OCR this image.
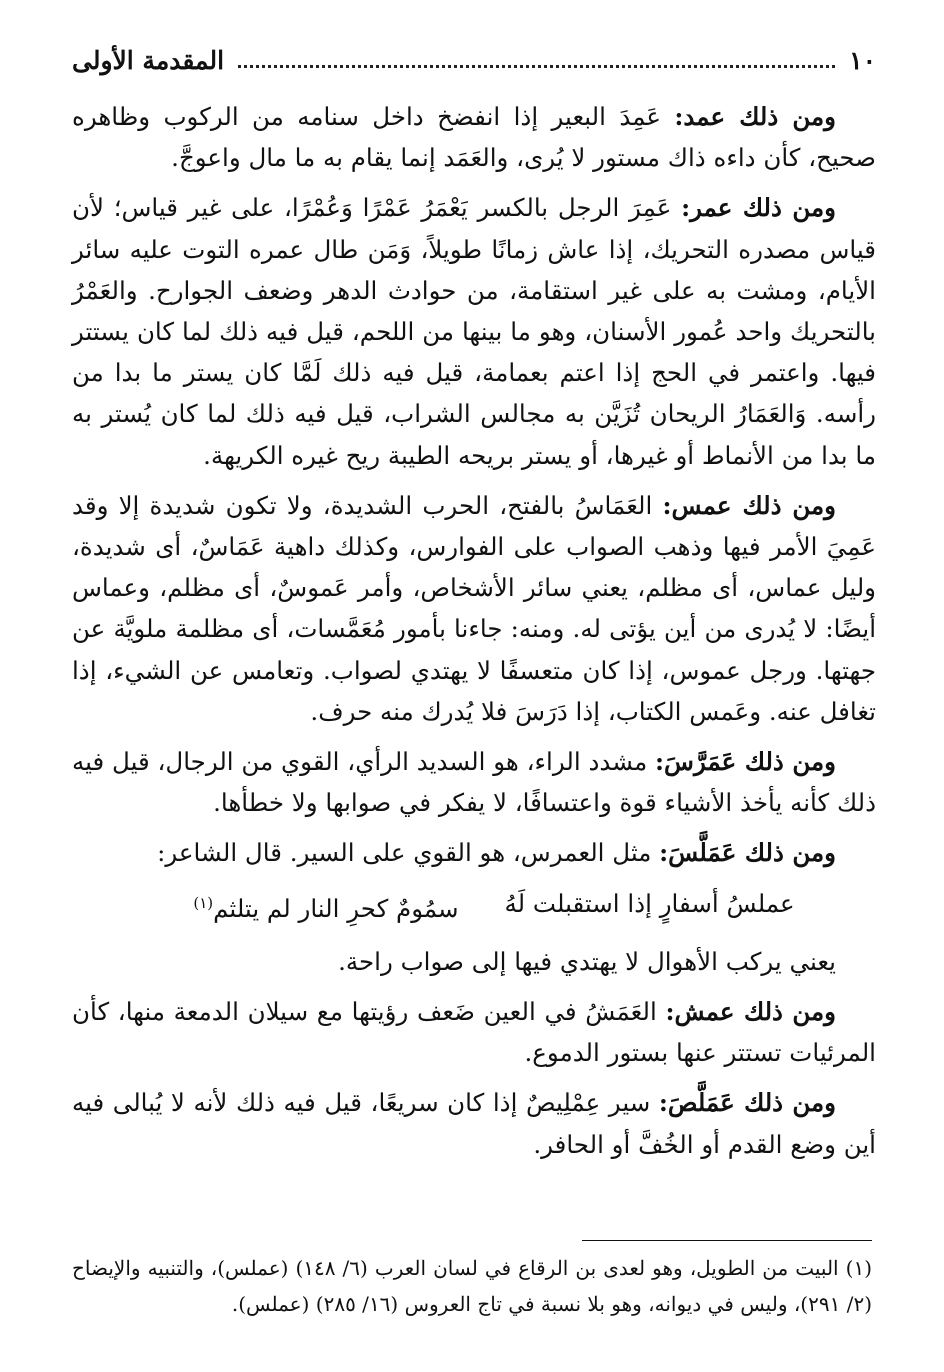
١٠
المقدمة الأولى

ومن ذلك عمد: عَمِدَ البعير إذا انفضخ داخل سنامه من الركوب وظاهره صحيح، كأن داءه ذاك مستور لا يُرى، والعَمَد إنما يقام به ما مال واعوجَّ.

ومن ذلك عمر: عَمِرَ الرجل بالكسر يَعْمَرُ عَمْرًا وَعُمْرًا، على غير قياس؛ لأن قياس مصدره التحريك، إذا عاش زمانًا طويلاً، وَمَن طال عمره التوت عليه سائر الأيام، ومشت به على غير استقامة، من حوادث الدهر وضعف الجوارح. والعَمْرُ بالتحريك واحد عُمور الأسنان، وهو ما بينها من اللحم، قيل فيه ذلك لما كان يستتر فيها. واعتمر في الحج إذا اعتم بعمامة، قيل فيه ذلك لَمَّا كان يستر ما بدا من رأسه. وَالعَمَارُ الريحان تُزَيَّن به مجالس الشراب، قيل فيه ذلك لما كان يُستر به ما بدا من الأنماط أو غيرها، أو يستر بريحه الطيبة ريح غيره الكريهة.

ومن ذلك عمس: العَمَاسُ بالفتح، الحرب الشديدة، ولا تكون شديدة إلا وقد عَمِيَ الأمر فيها وذهب الصواب على الفوارس، وكذلك داهية عَمَاسٌ، أى شديدة، وليل عماس، أى مظلم، يعني سائر الأشخاص، وأمر عَموسٌ، أى مظلم، وعماس أيضًا: لا يُدرى من أين يؤتى له. ومنه: جاءنا بأمور مُعَمَّسات، أى مظلمة ملويَّة عن جهتها. ورجل عموس، إذا كان متعسفًا لا يهتدي لصواب. وتعامس عن الشيء، إذا تغافل عنه. وعَمس الكتاب، إذا دَرَسَ فلا يُدرك منه حرف.

ومن ذلك عَمَرَّسَ: مشدد الراء، هو السديد الرأي، القوي من الرجال، قيل فيه ذلك كأنه يأخذ الأشياء قوة واعتسافًا، لا يفكر في صوابها ولا خطأها.

ومن ذلك عَمَلَّسَ: مثل العمرس، هو القوي على السير. قال الشاعر:

عملسُ أسفارٍ إذا استقبلت لَهُ
سمُومٌ كحرِ النار لم يتلثم$^{(١)}$

يعني يركب الأهوال لا يهتدي فيها إلى صواب راحة.

ومن ذلك عمش: العَمَشُ في العين ضَعف رؤيتها مع سيلان الدمعة منها، كأن المرئيات تستتر عنها بستور الدموع.

ومن ذلك عَمَلَّصَ: سير عِمْلِيصٌ إذا كان سريعًا، قيل فيه ذلك لأنه لا يُبالى فيه أين وضع القدم أو الخُفَّ أو الحافر.

(١) البيت من الطويل، وهو لعدى بن الرقاع في لسان العرب (٦/ ١٤٨) (عملس)، والتنبيه والإيضاح (٢/ ٢٩١)، وليس في ديوانه، وهو بلا نسبة في تاج العروس (١٦/ ٢٨٥) (عملس).
